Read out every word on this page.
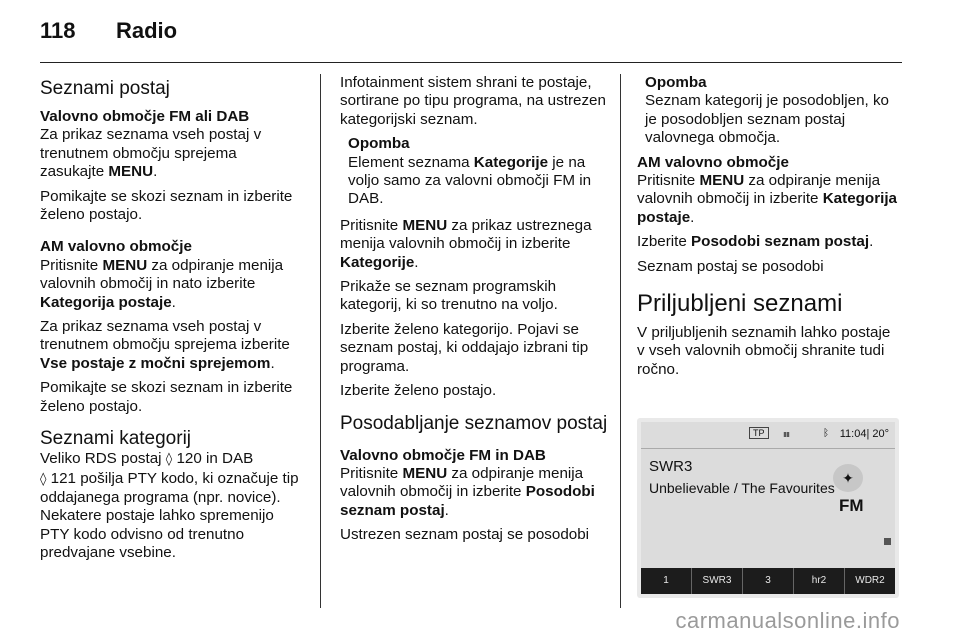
118 Radio
Seznami postaj
Valovno območje FM ali DAB

Za prikaz seznama vseh postaj v trenutnem območju sprejema zasukajte MENU.

Pomikajte se skozi seznam in izberite želeno postajo.

AM valovno območje

Pritisnite MENU za odpiranje menija valovnih območij in nato izberite Kategorija postaje.

Za prikaz seznama vseh postaj v trenutnem območju sprejema izberite Vse postaje z močni sprejemom.

Pomikajte se skozi seznam in izberite želeno postajo.

Seznami kategorij

Veliko RDS postaj ◊ 120 in DAB
◊ 121 pošilja PTY kodo, ki označuje tip oddajanega programa (npr. novice). Nekatere postaje lahko spremenijo PTY kodo odvisno od trenutno predvajane vsebine.

Infotainment sistem shrani te postaje, sortirane po tipu programa, na ustrezen kategorijski seznam.

Opomba
Element seznama Kategorije je na voljo samo za valovni območji FM in DAB.

Pritisnite MENU za prikaz ustreznega menija valovnih območij in izberite Kategorije.

Prikaže se seznam programskih kategorij, ki so trenutno na voljo.

Izberite želeno kategorijo. Pojavi se seznam postaj, ki oddajajo izbrani tip programa.

Izberite želeno postajo.

Posodabljanje seznamov postaj
Valovno območje FM in DAB

Pritisnite MENU za odpiranje menija valovnih območij in izberite Posodobi seznam postaj.

Ustrezen seznam postaj se posodobi

Opomba
Seznam kategorij je posodobljen, ko je posodobljen seznam postaj valovnega območja.
AM valovno območje

Pritisnite MENU za odpiranje menija valovnih območij in izberite Kategorija postaje.

Izberite Posodobi seznam postaj.

Seznam postaj se posodobi

Priljubljeni seznami

V priljubljenih seznamih lahko postaje v vseh valovnih območij shranite tudi ročno.

TP	ıııı	ᛒ 11:04| 20°
SWR3
Unbelievable / The Favourites
✦
FM
1	SWR3	3	hr2	WDR2
carmanualsonline.info
